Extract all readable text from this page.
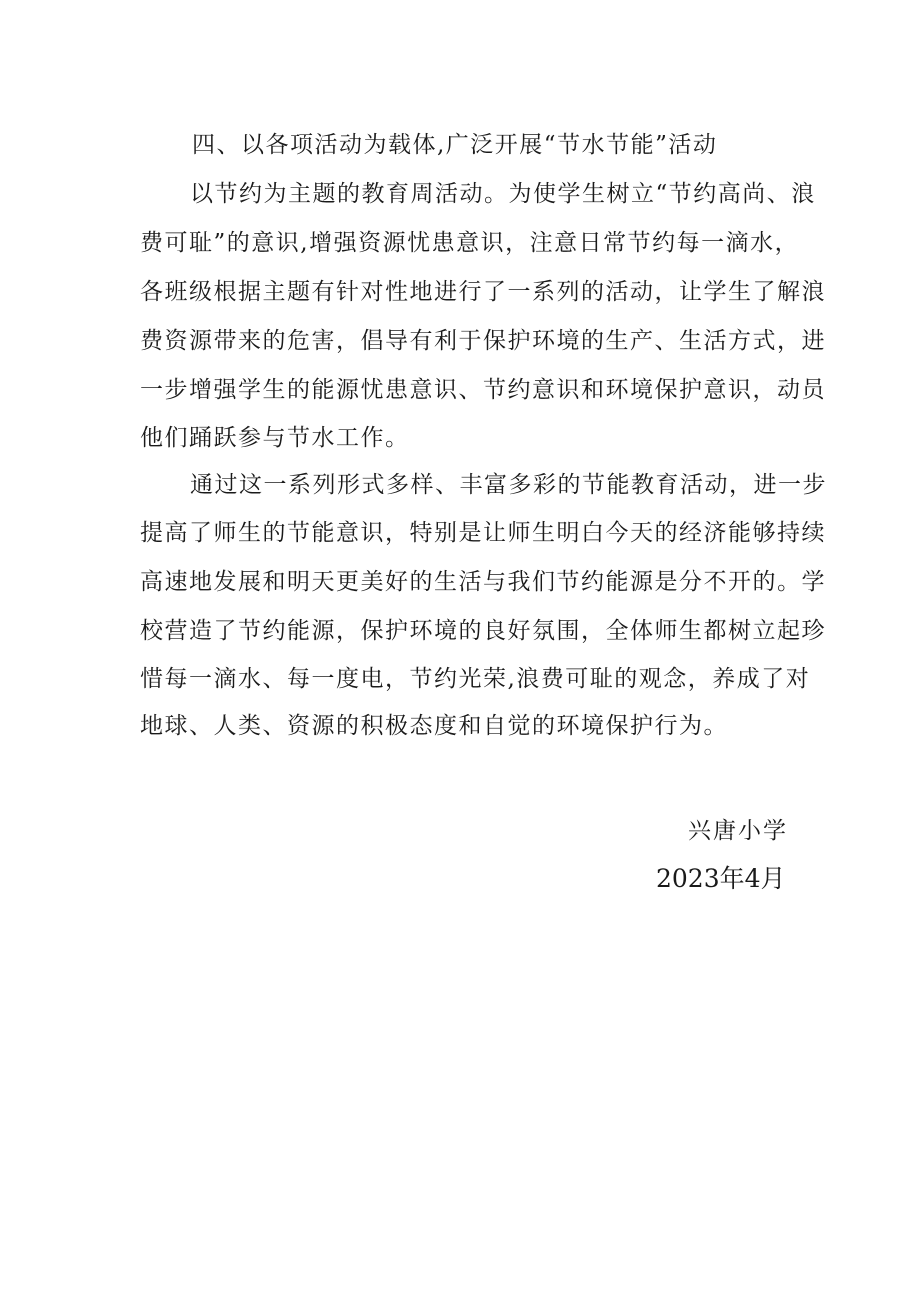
四、以各项活动为载体,广泛开展“节水节能”活动
以节约为主题的教育周活动。为使学生树立“节约高尚、浪
费可耻”的意识,增强资源忧患意识，注意日常节约每一滴水，
各班级根据主题有针对性地进行了一系列的活动，让学生了解浪
费资源带来的危害，倡导有利于保护环境的生产、生活方式，进
一步增强学生的能源忧患意识、节约意识和环境保护意识，动员
他们踊跃参与节水工作。
通过这一系列形式多样、丰富多彩的节能教育活动，进一步
提高了师生的节能意识，特别是让师生明白今天的经济能够持续
高速地发展和明天更美好的生活与我们节约能源是分不开的。学
校营造了节约能源，保护环境的良好氛围，全体师生都树立起珍
惜每一滴水、每一度电，节约光荣,浪费可耻的观念，养成了对
地球、人类、资源的积极态度和自觉的环境保护行为。
兴唐小学
2023年4月
